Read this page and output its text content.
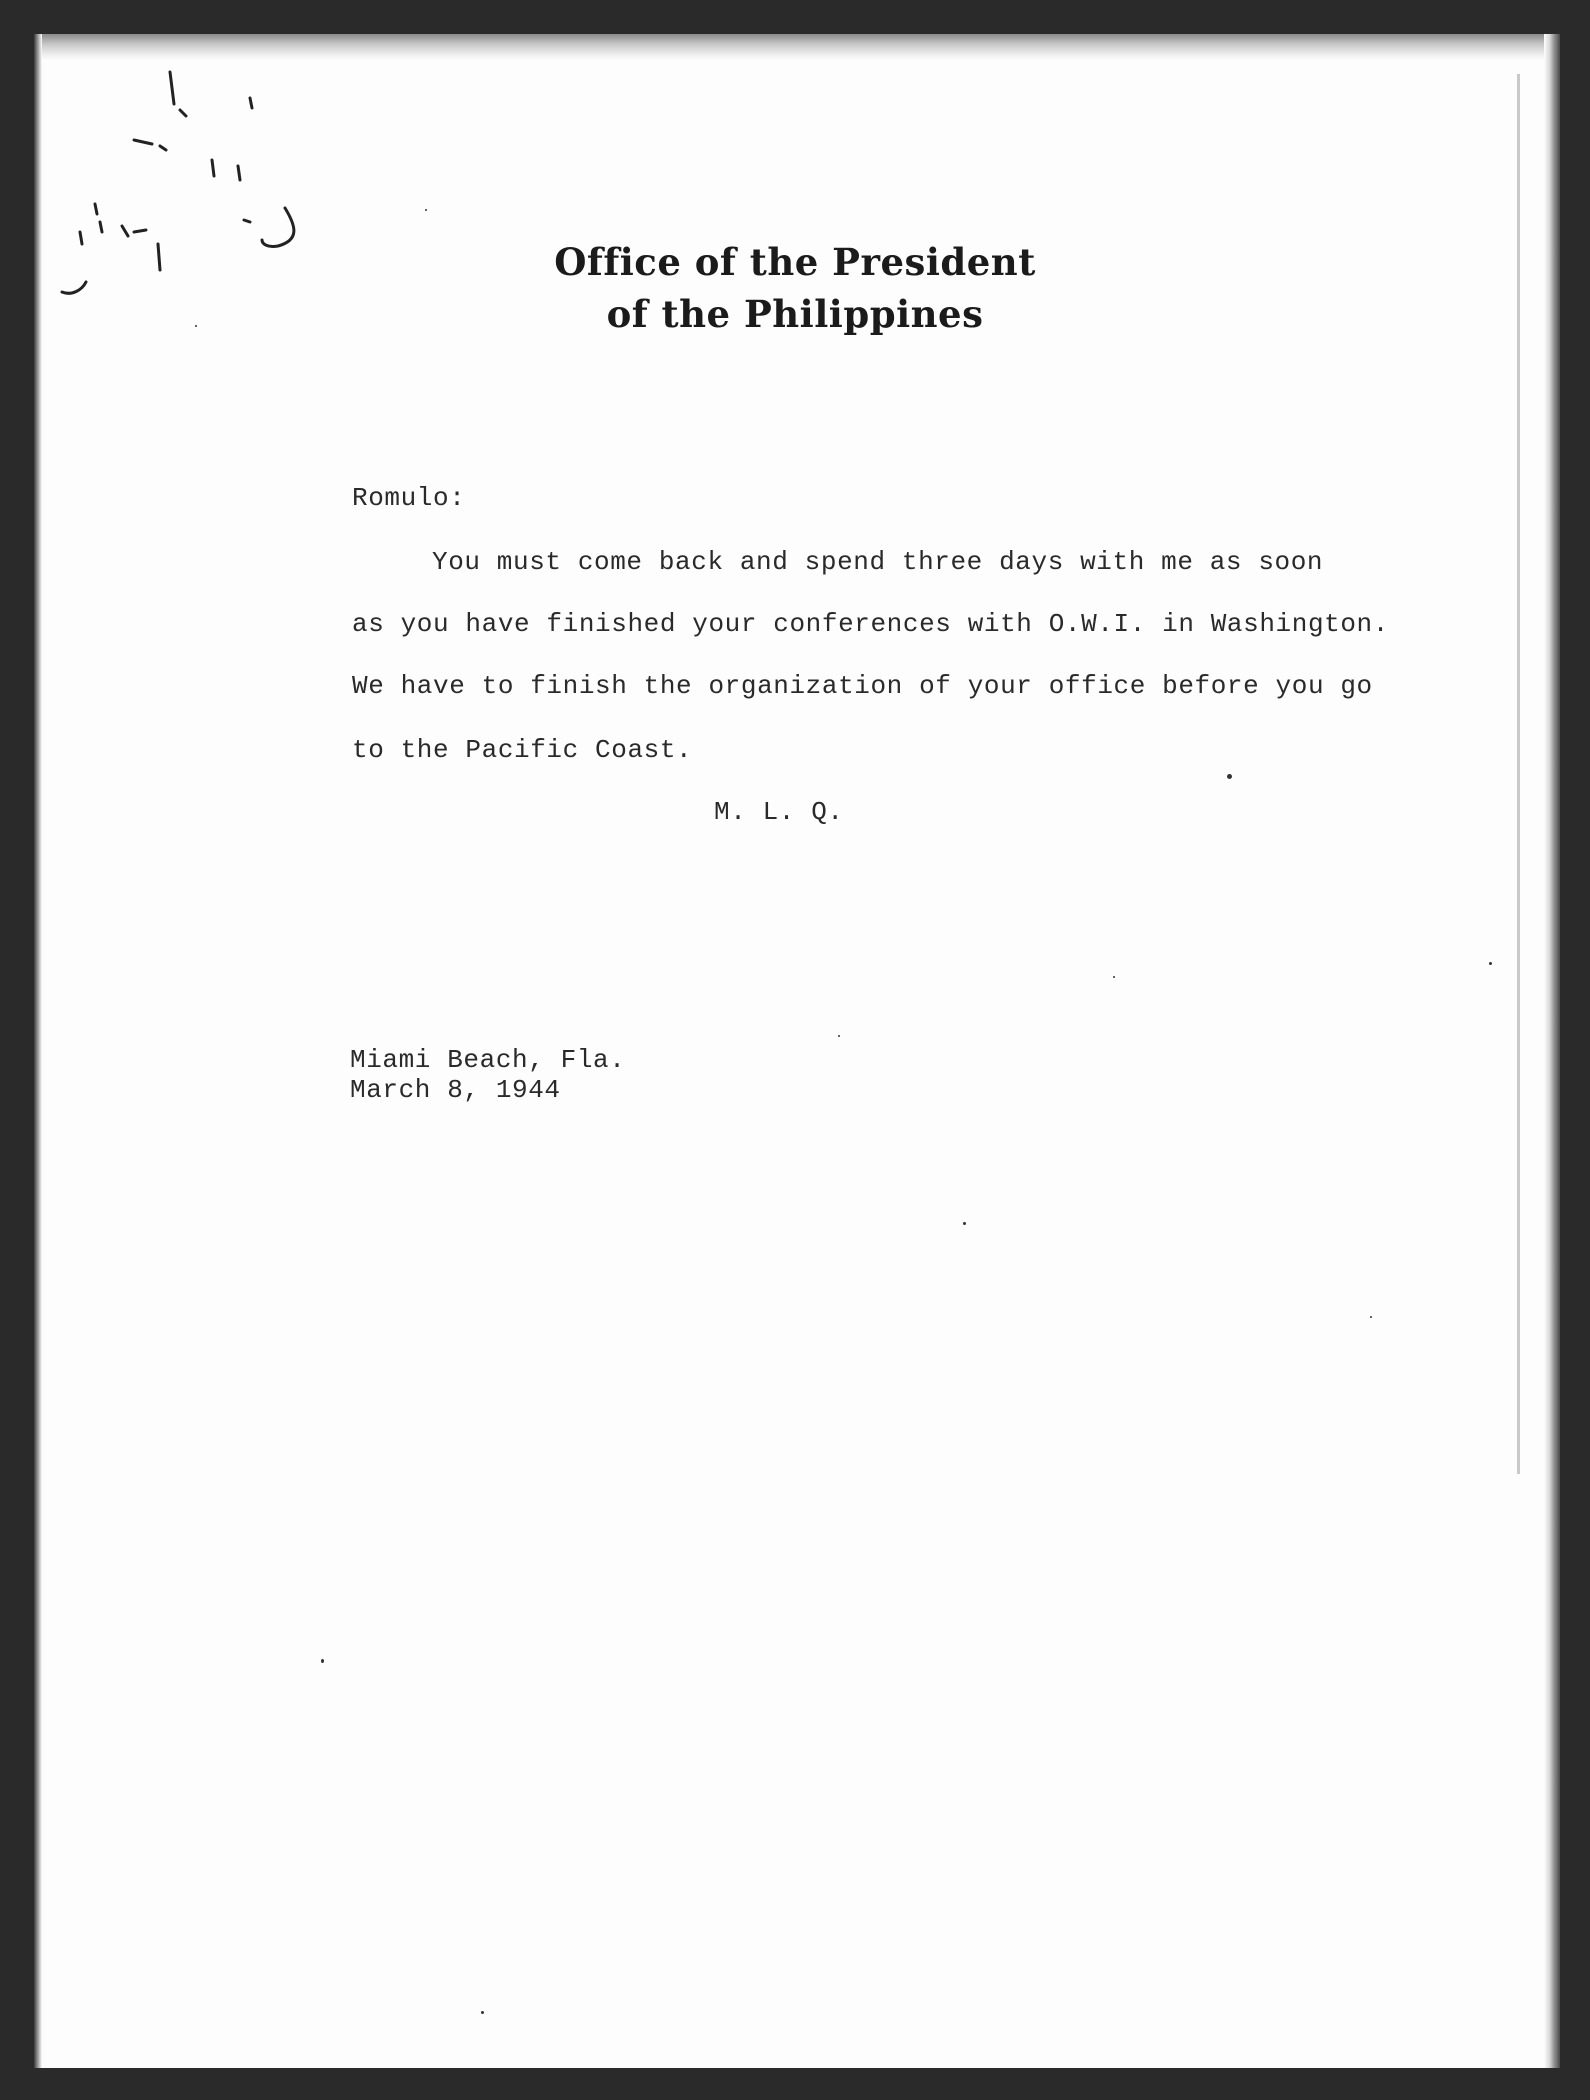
Office of the President
of the Philippines
Romulo:
You must come back and spend three days with me as soon
as you have finished your conferences with O.W.I. in Washington.
We have to finish the organization of your office before you go
to the Pacific Coast.
M. L. Q.
Miami Beach, Fla.
March 8, 1944
